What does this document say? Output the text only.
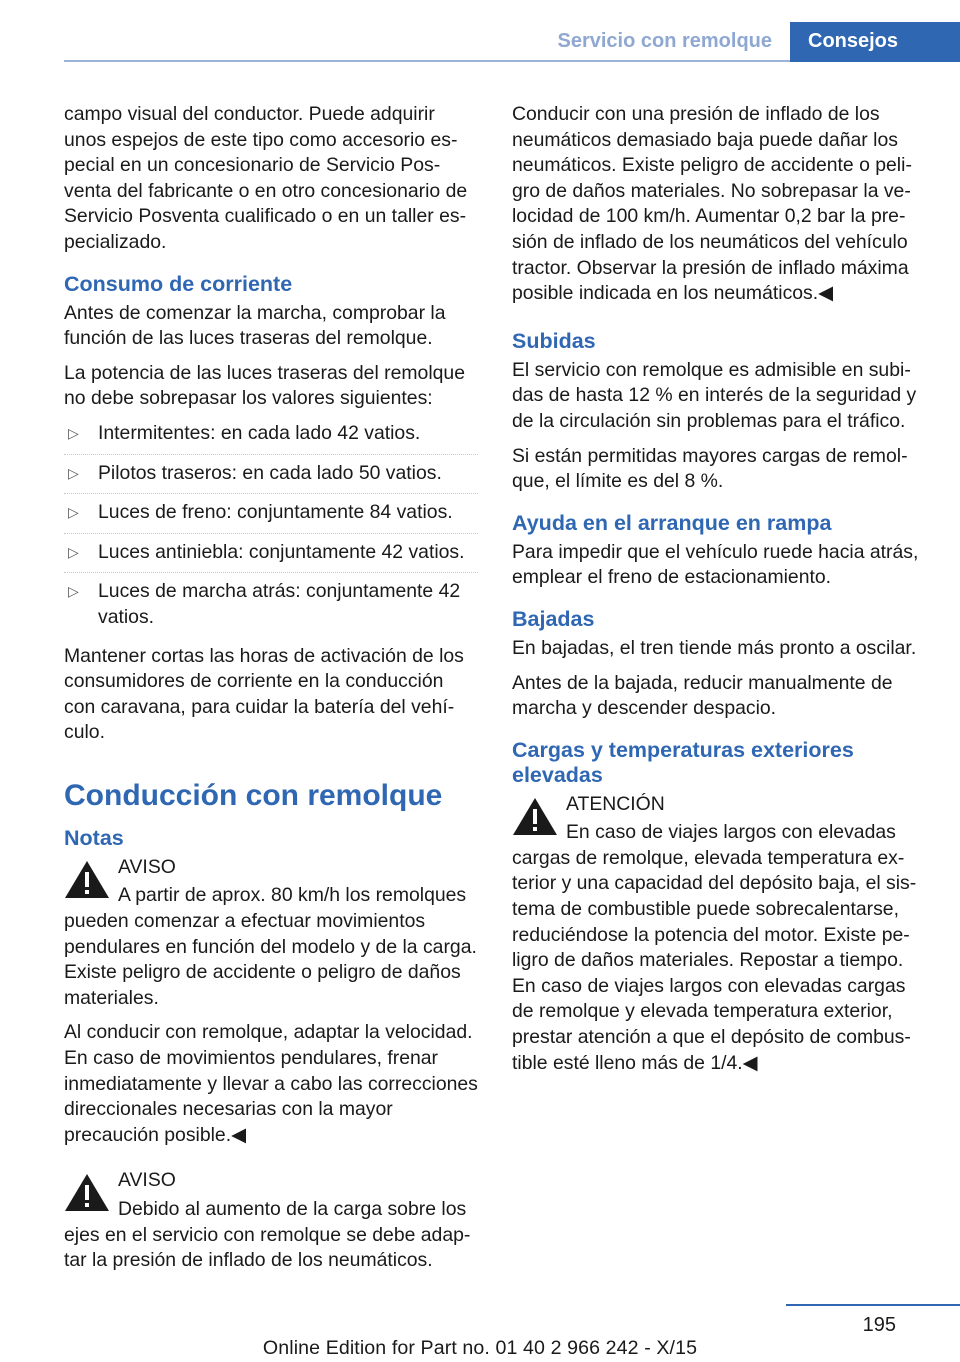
Servicio con remolque	Consejos

campo visual del conductor. Puede adquirir unos espejos de este tipo como accesorio especial en un concesionario de Servicio Posventa del fabricante o en otro concesionario de Servicio Posventa cualificado o en un taller especializado.

Consumo de corriente

Antes de comenzar la marcha, comprobar la función de las luces traseras del remolque.

La potencia de las luces traseras del remolque no debe sobrepasar los valores siguientes:

▷ Intermitentes: en cada lado 42 vatios.
▷ Pilotos traseros: en cada lado 50 vatios.
▷ Luces de freno: conjuntamente 84 vatios.
▷ Luces antiniebla: conjuntamente 42 vatios.
▷ Luces de marcha atrás: conjuntamente 42 vatios.

Mantener cortas las horas de activación de los consumidores de corriente en la conducción con caravana, para cuidar la batería del vehículo.

Conducción con remolque
Notas
AVISO

A partir de aprox. 80 km/h los remolques pueden comenzar a efectuar movimientos pendulares en función del modelo y de la carga. Existe peligro de accidente o peligro de daños materiales.

Al conducir con remolque, adaptar la velocidad. En caso de movimientos pendulares, frenar inmediatamente y llevar a cabo las correcciones direccionales necesarias con la mayor precaución posible.◀

AVISO

Debido al aumento de la carga sobre los ejes en el servicio con remolque se debe adaptar la presión de inflado de los neumáticos.

Conducir con una presión de inflado de los neumáticos demasiado baja puede dañar los neumáticos. Existe peligro de accidente o peligro de daños materiales. No sobrepasar la velocidad de 100 km/h. Aumentar 0,2 bar la presión de inflado de los neumáticos del vehículo tractor. Observar la presión de inflado máxima posible indicada en los neumáticos.◀

Subidas

El servicio con remolque es admisible en subidas de hasta 12 % en interés de la seguridad y de la circulación sin problemas para el tráfico.

Si están permitidas mayores cargas de remolque, el límite es del 8 %.

Ayuda en el arranque en rampa

Para impedir que el vehículo ruede hacia atrás, emplear el freno de estacionamiento.

Bajadas

En bajadas, el tren tiende más pronto a oscilar.

Antes de la bajada, reducir manualmente de marcha y descender despacio.

Cargas y temperaturas exteriores elevadas
ATENCIÓN

En caso de viajes largos con elevadas cargas de remolque, elevada temperatura exterior y una capacidad del depósito baja, el sistema de combustible puede sobrecalentarse, reduciéndose la potencia del motor. Existe peligro de daños materiales. Repostar a tiempo. En caso de viajes largos con elevadas cargas de remolque y elevada temperatura exterior, prestar atención a que el depósito de combustible esté lleno más de 1/4.◀

195
Online Edition for Part no. 01 40 2 966 242 - X/15
